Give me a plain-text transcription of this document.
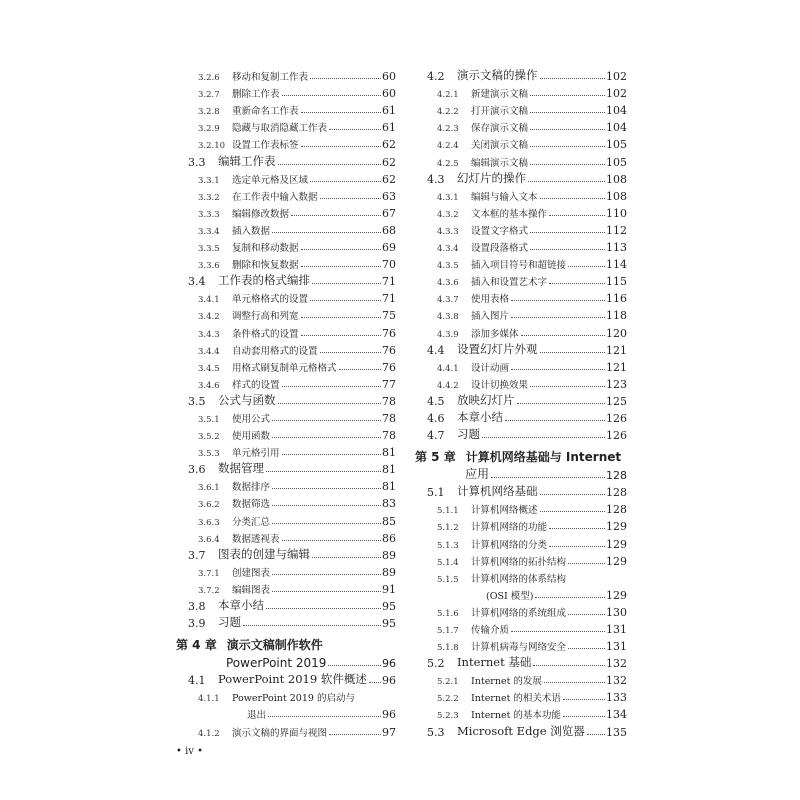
3.2.6	移动和复制工作表	60
3.2.7	删除工作表	60
3.2.8	重新命名工作表	61
3.2.9	隐藏与取消隐藏工作表	61
3.2.10 设置工作表标签	62
3.3	编辑工作表	62
3.3.1	选定单元格及区域	62
3.3.2	在工作表中输入数据	63
3.3.3	编辑修改数据	67
3.3.4	插入数据	68
3.3.5	复制和移动数据	69
3.3.6	删除和恢复数据	70
3.4	工作表的格式编排	71
3.4.1	单元格格式的设置	71
3.4.2	调整行高和列宽	75
3.4.3	条件格式的设置	76
3.4.4	自动套用格式的设置	76
3.4.5	用格式刷复制单元格格式	76
3.4.6	样式的设置	77
3.5	公式与函数	78
3.5.1	使用公式	78
3.5.2	使用函数	78
3.5.3	单元格引用	81
3.6	数据管理	81
3.6.1	数据排序	81
3.6.2	数据筛选	83
3.6.3	分类汇总	85
3.6.4	数据透视表	86
3.7	图表的创建与编辑	89
3.7.1	创建图表	89
3.7.2	编辑图表	91
3.8	本章小结	95
3.9	习题	95
第 4 章 演示文稿制作软件
PowerPoint 2019	96
4.1	PowerPoint 2019 软件概述 96
4.1.1	PowerPoint 2019 的启动与
退出	96
4.1.2	演示文稿的界面与视图	97
4.2	演示文稿的操作	102
4.2.1	新建演示文稿	102
4.2.2	打开演示文稿	104
4.2.3	保存演示文稿	104
4.2.4	关闭演示文稿	105
4.2.5	编辑演示文稿	105
4.3	幻灯片的操作	108
4.3.1	编辑与输入文本	108
4.3.2	文本框的基本操作	110
4.3.3	设置文字格式	112
4.3.4	设置段落格式	113
4.3.5	插入项目符号和超链接	114
4.3.6	插入和设置艺术字	115
4.3.7	使用表格	116
4.3.8	插入图片	118
4.3.9	添加多媒体	120
4.4	设置幻灯片外观	121
4.4.1	设计动画	121
4.4.2	设计切换效果	123
4.5	放映幻灯片	125
4.6	本章小结	126
4.7	习题	126
第 5 章 计算机网络基础与 Internet
应用	128
5.1	计算机网络基础	128
5.1.1	计算机网络概述	128
5.1.2	计算机网络的功能	129
5.1.3	计算机网络的分类	129
5.1.4	计算机网络的拓扑结构	129
5.1.5	计算机网络的体系结构
(OSI 模型)	129
5.1.6	计算机网络的系统组成	130
5.1.7	传输介质	131
5.1.8	计算机病毒与网络安全	131
5.2	Internet 基础	132
5.2.1	Internet 的发展	132
5.2.2	Internet 的相关术语	133
5.2.3	Internet 的基本功能	134
5.3	Microsoft Edge 浏览器 135
• iv •
